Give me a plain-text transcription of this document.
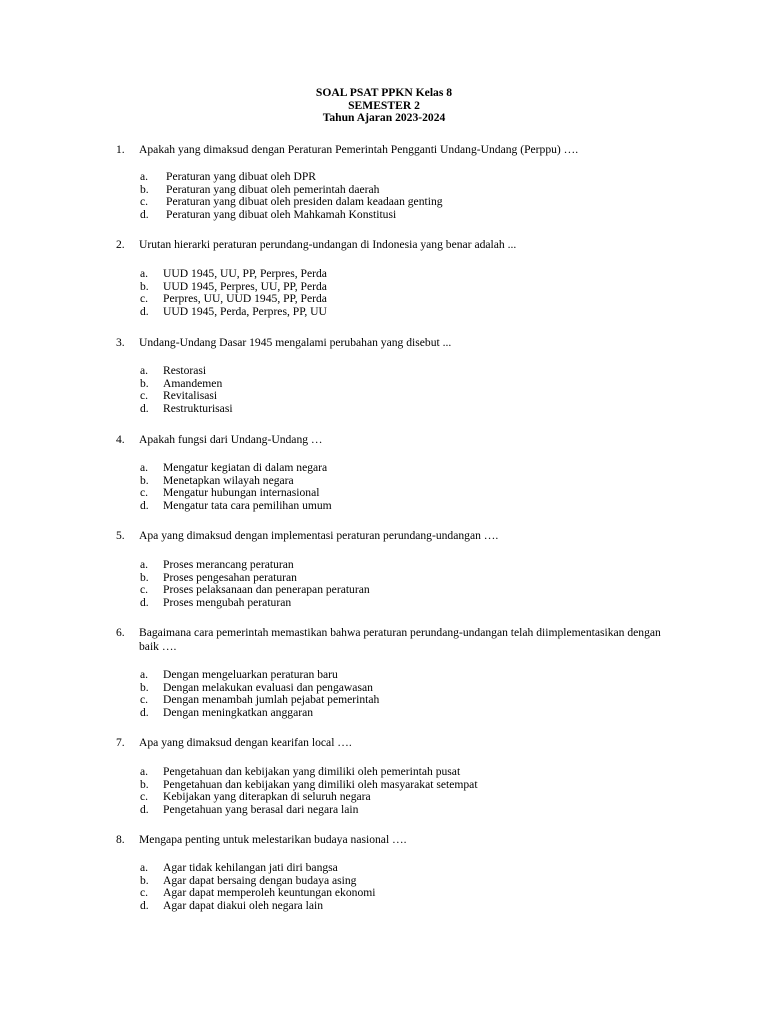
SOAL PSAT PPKN Kelas 8
SEMESTER 2
Tahun Ajaran 2023-2024
1. Apakah yang dimaksud dengan Peraturan Pemerintah Pengganti Undang-Undang (Perppu) ….
a. Peraturan yang dibuat oleh DPR
b. Peraturan yang dibuat oleh pemerintah daerah
c. Peraturan yang dibuat oleh presiden dalam keadaan genting
d. Peraturan yang dibuat oleh Mahkamah Konstitusi
2. Urutan hierarki peraturan perundang-undangan di Indonesia yang benar adalah ...
a. UUD 1945, UU, PP, Perpres, Perda
b. UUD 1945, Perpres, UU, PP, Perda
c. Perpres, UU, UUD 1945, PP, Perda
d. UUD 1945, Perda, Perpres, PP, UU
3. Undang-Undang Dasar 1945 mengalami perubahan yang disebut ...
a. Restorasi
b. Amandemen
c. Revitalisasi
d. Restrukturisasi
4. Apakah fungsi dari Undang-Undang …
a. Mengatur kegiatan di dalam negara
b. Menetapkan wilayah negara
c. Mengatur hubungan internasional
d. Mengatur tata cara pemilihan umum
5. Apa yang dimaksud dengan implementasi peraturan perundang-undangan ….
a. Proses merancang peraturan
b. Proses pengesahan peraturan
c. Proses pelaksanaan dan penerapan peraturan
d. Proses mengubah peraturan
6. Bagaimana cara pemerintah memastikan bahwa peraturan perundang-undangan telah diimplementasikan dengan baik ….
a. Dengan mengeluarkan peraturan baru
b. Dengan melakukan evaluasi dan pengawasan
c. Dengan menambah jumlah pejabat pemerintah
d. Dengan meningkatkan anggaran
7. Apa yang dimaksud dengan kearifan local ….
a. Pengetahuan dan kebijakan yang dimiliki oleh pemerintah pusat
b. Pengetahuan dan kebijakan yang dimiliki oleh masyarakat setempat
c. Kebijakan yang diterapkan di seluruh negara
d. Pengetahuan yang berasal dari negara lain
8. Mengapa penting untuk melestarikan budaya nasional ….
a. Agar tidak kehilangan jati diri bangsa
b. Agar dapat bersaing dengan budaya asing
c. Agar dapat memperoleh keuntungan ekonomi
d. Agar dapat diakui oleh negara lain
